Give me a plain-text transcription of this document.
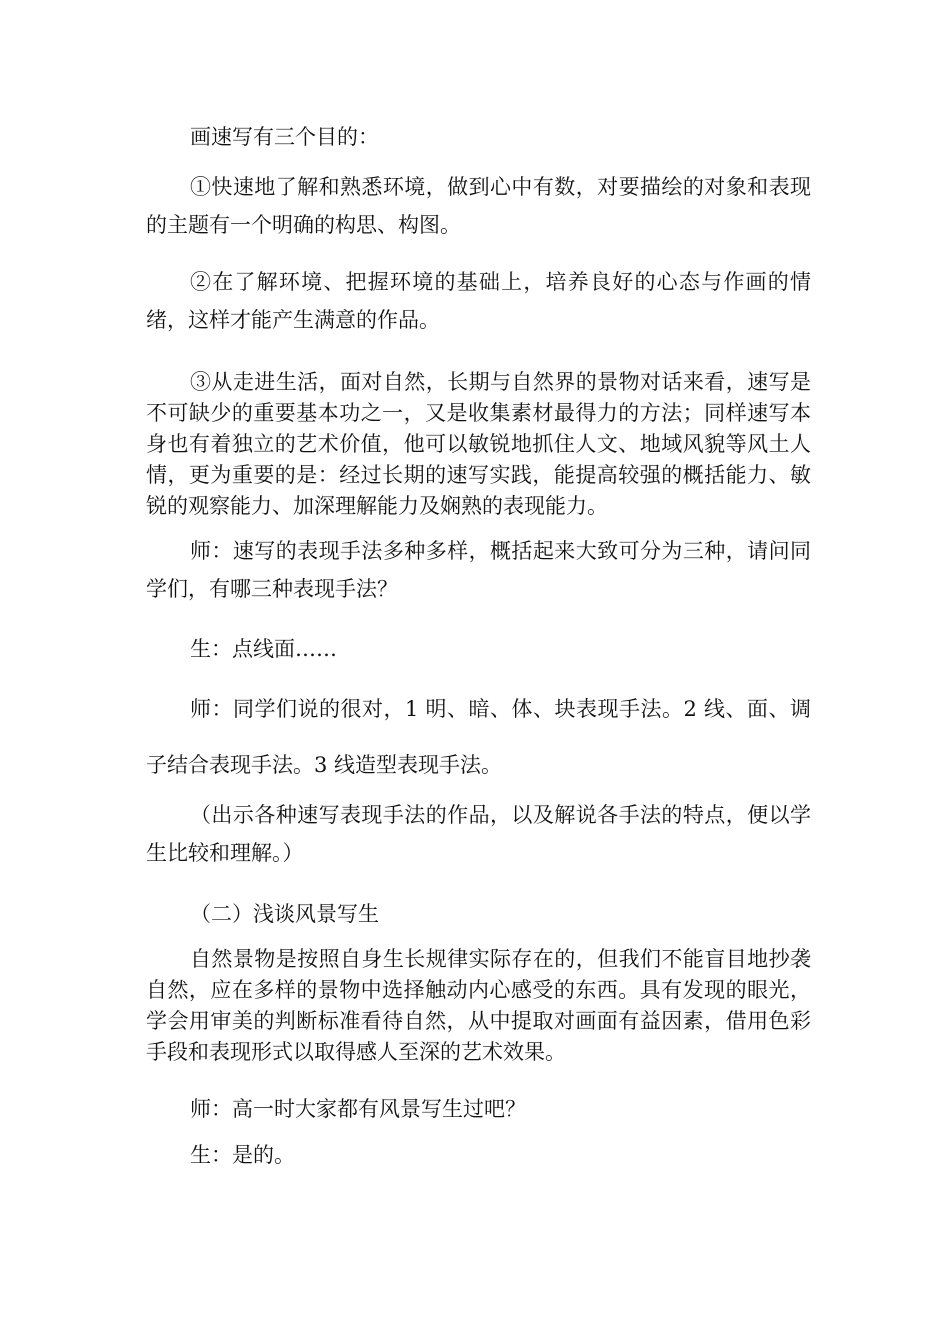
画速写有三个目的：

①快速地了解和熟悉环境，做到心中有数，对要描绘的对象和表现的主题有一个明确的构思、构图。

②在了解环境、把握环境的基础上，培养良好的心态与作画的情绪，这样才能产生满意的作品。

③从走进生活，面对自然，长期与自然界的景物对话来看，速写是不可缺少的重要基本功之一，又是收集素材最得力的方法；同样速写本身也有着独立的艺术价值，他可以敏锐地抓住人文、地域风貌等风土人情，更为重要的是：经过长期的速写实践，能提高较强的概括能力、敏锐的观察能力、加深理解能力及娴熟的表现能力。

师：速写的表现手法多种多样，概括起来大致可分为三种，请问同学们，有哪三种表现手法？

生：点线面……

师：同学们说的很对，1 明、暗、体、块表现手法。2 线、面、调子结合表现手法。3 线造型表现手法。

（出示各种速写表现手法的作品，以及解说各手法的特点，便以学生比较和理解。）

（二）浅谈风景写生

自然景物是按照自身生长规律实际存在的，但我们不能盲目地抄袭自然，应在多样的景物中选择触动内心感受的东西。具有发现的眼光，学会用审美的判断标准看待自然，从中提取对画面有益因素，借用色彩手段和表现形式以取得感人至深的艺术效果。

师：高一时大家都有风景写生过吧？

生：是的。
